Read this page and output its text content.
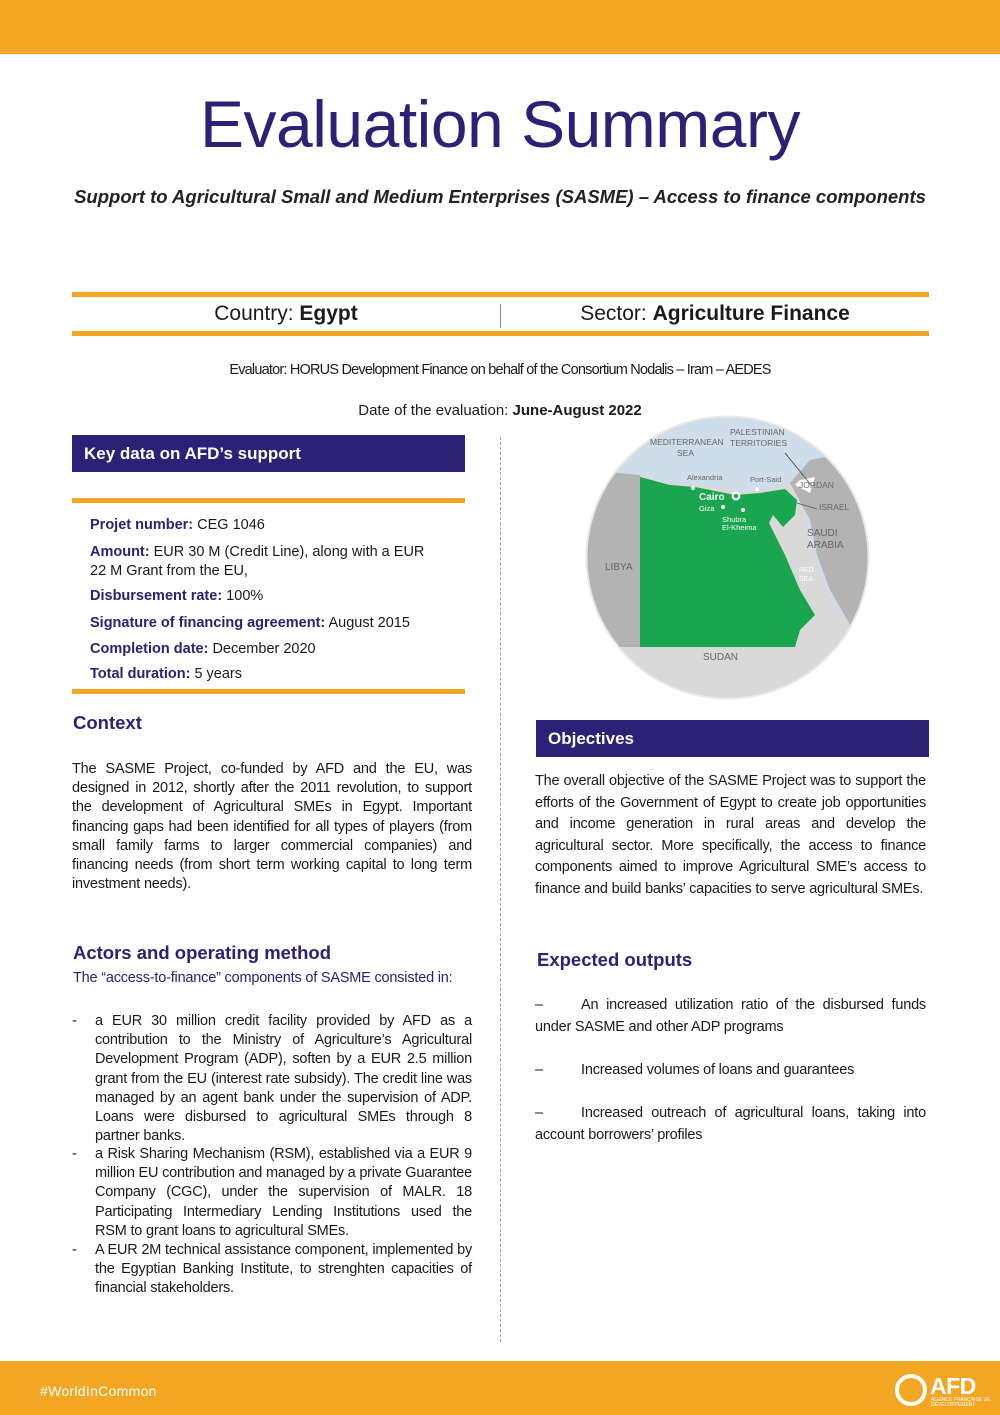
Evaluation Summary
Support to Agricultural Small and Medium Enterprises (SASME) – Access to finance components
Country: Egypt	Sector: Agriculture Finance
Evaluator: HORUS Development Finance on behalf of the Consortium Nodalis – Iram – AEDES
Date of the evaluation: June-August 2022
Key data on AFD’s support
Projet number: CEG 1046
Amount: EUR 30 M (Credit Line), along with a EUR 22 M Grant from the EU,
Disbursement rate: 100%
Signature of financing agreement: August 2015
Completion date: December 2020
Total duration: 5 years
MEDITERRANEAN
SEA
PALESTINIAN
TERRITORIES
JORDAN
ISRAEL
SAUDI
ARABIA
LIBYA
SUDAN
Alexandria	Port-Said
RED
SEA
Cairo
Giza
Shubra
El-Kheima
Context
The SASME Project, co-funded by AFD and the EU, was designed in 2012, shortly after the 2011 revolution, to support the development of Agricultural SMEs in Egypt. Important financing gaps had been identified for all types of players (from small family farms to larger commercial companies) and financing needs (from short term working capital to long term investment needs).
Actors and operating method
The “access-to-finance” components of SASME consisted in:
- a EUR 30 million credit facility provided by AFD as a contribution to the Ministry of Agriculture’s Agricultural Development Program (ADP), soften by a EUR 2.5 million grant from the EU (interest rate subsidy). The credit line was managed by an agent bank under the supervision of ADP. Loans were disbursed to agricultural SMEs through 8 partner banks.
- a Risk Sharing Mechanism (RSM), established via a EUR 9 million EU contribution and managed by a private Guarantee Company (CGC), under the supervision of MALR. 18 Participating Intermediary Lending Institutions used the RSM to grant loans to agricultural SMEs.
- A EUR 2M technical assistance component, implemented by the Egyptian Banking Institute, to strenghten capacities of financial stakeholders.
Objectives
The overall objective of the SASME Project was to support the efforts of the Government of Egypt to create job opportunities and income generation in rural areas and develop the agricultural sector. More specifically, the access to finance components aimed to improve Agricultural SME’s access to finance and build banks’ capacities to serve agricultural SMEs.
Expected outputs
–	An increased utilization ratio of the disbursed funds under SASME and other ADP programs
–	Increased volumes of loans and guarantees
–	Increased outreach of agricultural loans, taking into account borrowers’ profiles
#WorldInCommon	AFD
AGENCE FRANÇAISE DE DÉVELOPPEMENT
